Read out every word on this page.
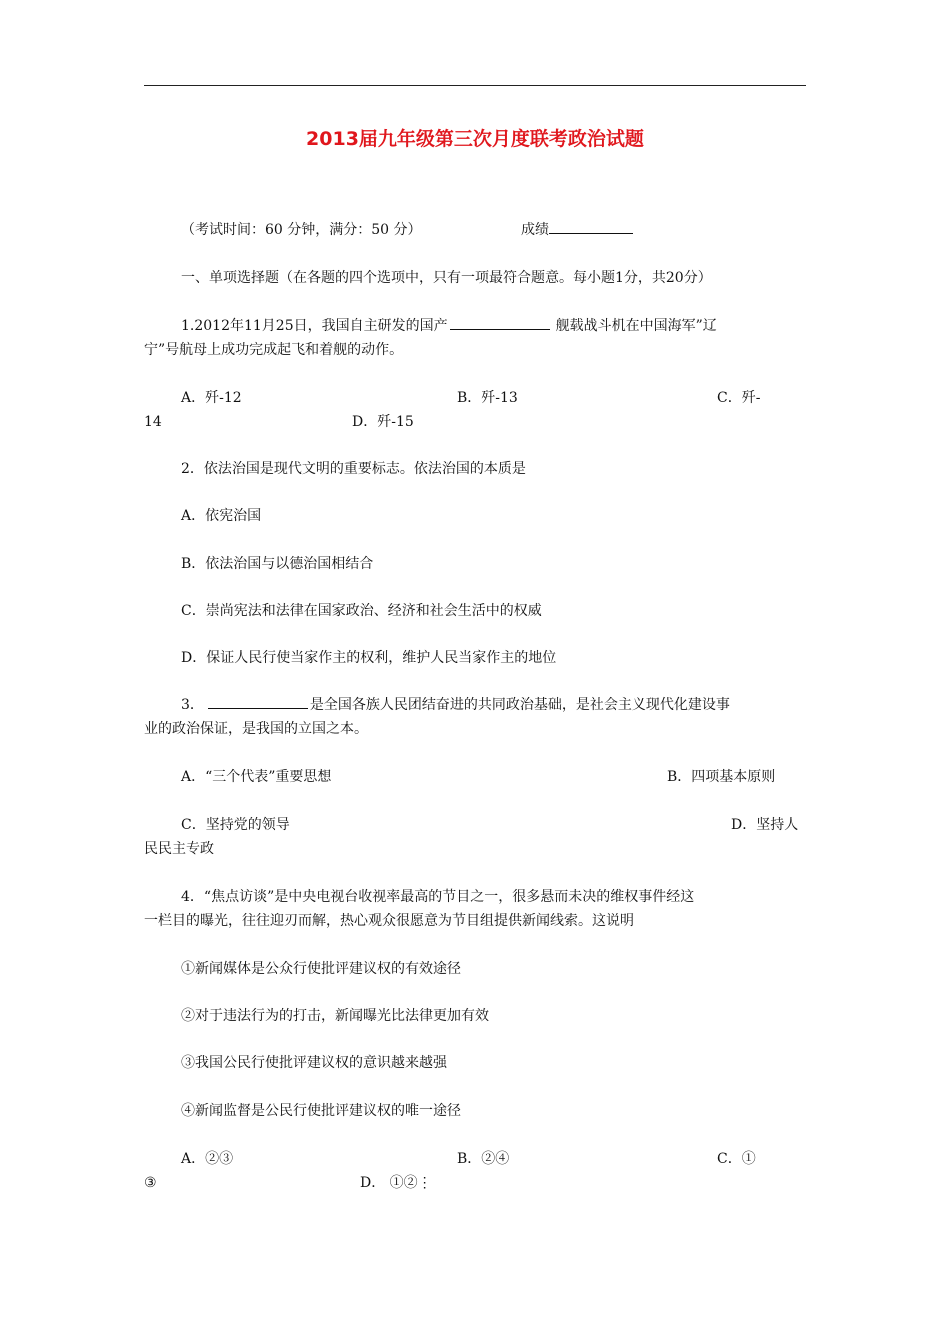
2013届九年级第三次月度联考政治试题
（考试时间：60 分钟，满分：50 分）	成绩
一、单项选择题（在各题的四个选项中，只有一项最符合题意。每小题1分，共20分）
1.2012年11月25日，我国自主研发的国产	舰载战斗机在中国海军”辽
宁”号航母上成功完成起飞和着舰的动作。
A．歼-12	B．歼-13	C．歼-
14	D．歼-15
2．依法治国是现代文明的重要标志。依法治国的本质是
A．依宪治国
B．依法治国与以德治国相结合
C．崇尚宪法和法律在国家政治、经济和社会生活中的权威
D．保证人民行使当家作主的权利，维护人民当家作主的地位
3．	是全国各族人民团结奋进的共同政治基础，是社会主义现代化建设事
业的政治保证，是我国的立国之本。
A．“三个代表”重要思想	B．四项基本原则
C．坚持党的领导	D．坚持人
民民主专政
4．“焦点访谈”是中央电视台收视率最高的节目之一，很多悬而未决的维权事件经这
一栏目的曝光，往往迎刃而解，热心观众很愿意为节目组提供新闻线索。这说明
①新闻媒体是公众行使批评建议权的有效途径
②对于违法行为的打击，新闻曝光比法律更加有效
③我国公民行使批评建议权的意识越来越强
④新闻监督是公民行使批评建议权的唯一途径
A．②③	B．②④	C．①
③	D． ①②⋮
